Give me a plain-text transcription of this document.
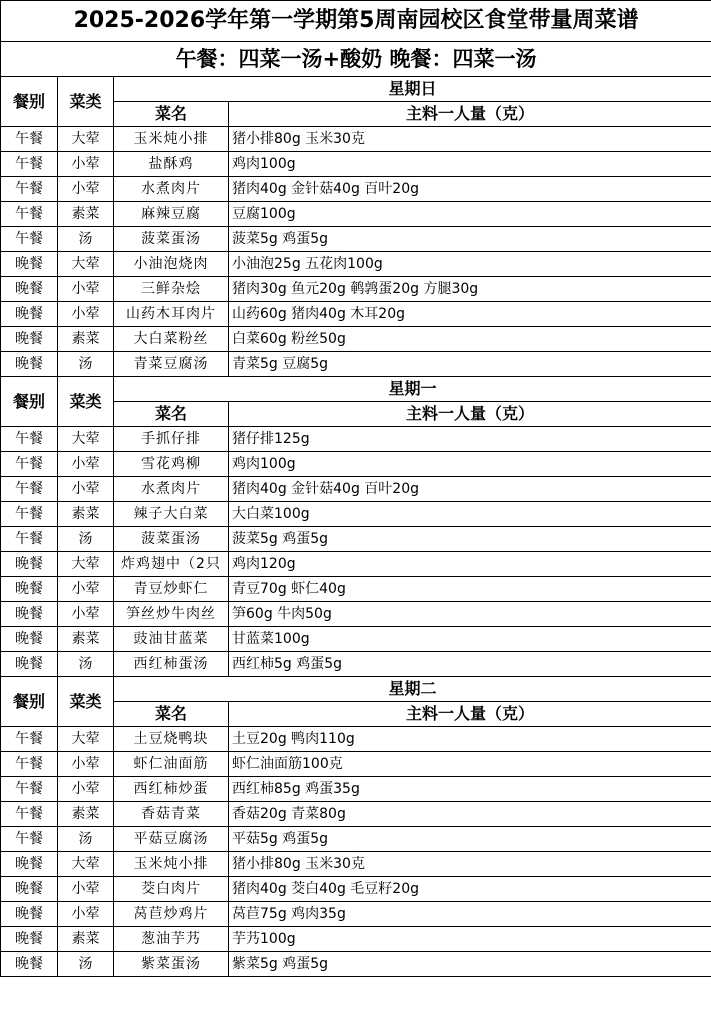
2025-2026学年第一学期第5周南园校区食堂带量周菜谱			
午餐：四菜一汤+酸奶 晚餐：四菜一汤			
餐别	菜类	星期日	
		菜名	主料一人量（克）
午餐	大荤	玉米炖小排	猪小排80g 玉米30克
午餐	小荤	盐酥鸡	鸡肉100g
午餐	小荤	水煮肉片	猪肉40g 金针菇40g 百叶20g
午餐	素菜	麻辣豆腐	豆腐100g
午餐	汤	菠菜蛋汤	菠菜5g 鸡蛋5g
晚餐	大荤	小油泡烧肉	小油泡25g 五花肉100g
晚餐	小荤	三鲜杂烩	猪肉30g 鱼元20g 鹌鹑蛋20g 方腿30g
晚餐	小荤	山药木耳肉片	山药60g 猪肉40g 木耳20g
晚餐	素菜	大白菜粉丝	白菜60g 粉丝50g
晚餐	汤	青菜豆腐汤	青菜5g 豆腐5g
餐别	菜类	星期一	
		菜名	主料一人量（克）
午餐	大荤	手抓仔排	猪仔排125g
午餐	小荤	雪花鸡柳	鸡肉100g
午餐	小荤	水煮肉片	猪肉40g 金针菇40g 百叶20g
午餐	素菜	辣子大白菜	大白菜100g
午餐	汤	菠菜蛋汤	菠菜5g 鸡蛋5g
晚餐	大荤	炸鸡翅中（2只	鸡肉120g
晚餐	小荤	青豆炒虾仁	青豆70g 虾仁40g
晚餐	小荤	笋丝炒牛肉丝	笋60g 牛肉50g
晚餐	素菜	豉油甘蓝菜	甘蓝菜100g
晚餐	汤	西红柿蛋汤	西红柿5g 鸡蛋5g
餐别	菜类	星期二	
		菜名	主料一人量（克）
午餐	大荤	土豆烧鸭块	土豆20g 鸭肉110g
午餐	小荤	虾仁油面筋	虾仁油面筋100克
午餐	小荤	西红柿炒蛋	西红柿85g 鸡蛋35g
午餐	素菜	香菇青菜	香菇20g 青菜80g
午餐	汤	平菇豆腐汤	平菇5g 鸡蛋5g
晚餐	大荤	玉米炖小排	猪小排80g 玉米30克
晚餐	小荤	茭白肉片	猪肉40g 茭白40g 毛豆籽20g
晚餐	小荤	莴苣炒鸡片	莴苣75g 鸡肉35g
晚餐	素菜	葱油芋艿	芋艿100g
晚餐	汤	紫菜蛋汤	紫菜5g 鸡蛋5g
